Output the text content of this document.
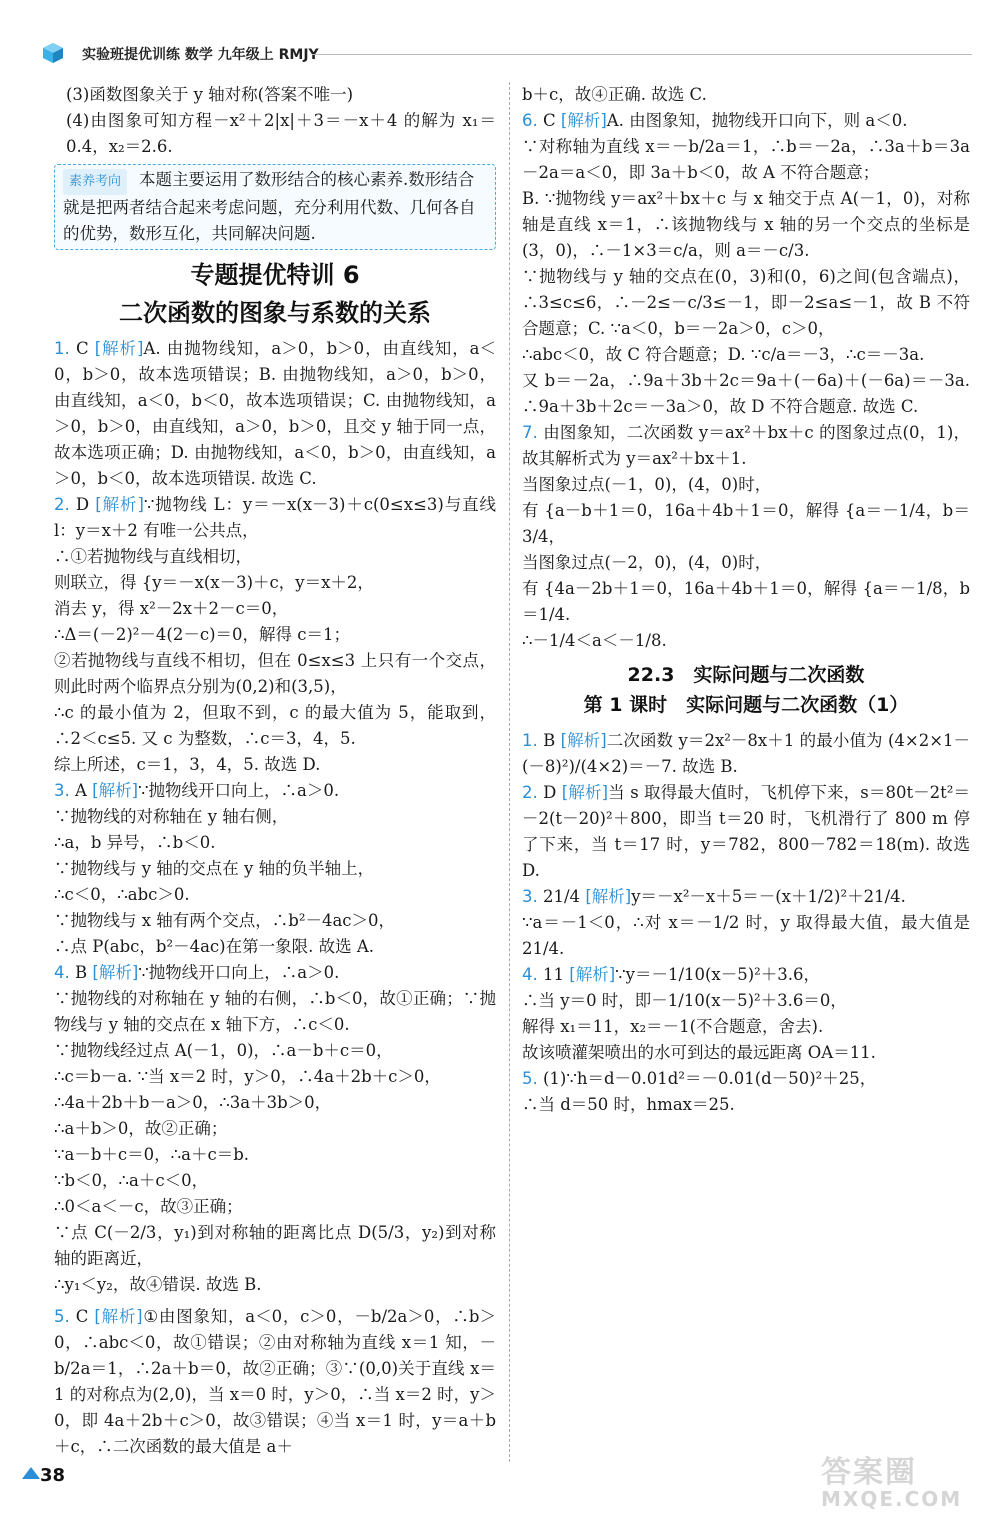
实验班提优训练 数学 九年级上 RMJY

(3)函数图象关于 y 轴对称(答案不唯一)

(4)由图象可知方程－x²＋2|x|＋3＝－x＋4 的解为 x₁＝0.4，x₂＝2.6.

素养考向 本题主要运用了数形结合的核心素养.数形结合就是把两者结合起来考虑问题，充分利用代数、几何各自的优势，数形互化，共同解决问题.
专题提优特训 6
二次函数的图象与系数的关系

1. C [ 解析 ] A. 由抛物线知，a＞0，b＞0，由直线知，a＜0，b＞0，故本选项错误；B. 由抛物线知，a＞0，b＞0，由直线知，a＜0，b＜0，故本选项错误；C. 由抛物线知，a＞0，b＞0，由直线知，a＞0，b＞0，且交 y 轴于同一点，故本选项正确；D. 由抛物线知，a＜0，b＞0，由直线知，a＞0，b＜0，故本选项错误. 故选 C.

2. D [ 解析 ] ∵抛物线 L：y＝－x(x－3)＋c(0≤x≤3)与直线 l：y＝x＋2 有唯一公共点，

∴①若抛物线与直线相切，

则联立，得 {y＝－x(x－3)＋c，y＝x＋2，

消去 y，得 x²－2x＋2－c＝0，

∴Δ＝(－2)²－4(2－c)＝0，解得 c＝1；

②若抛物线与直线不相切，但在 0≤x≤3 上只有一个交点，则此时两个临界点分别为(0,2)和(3,5)，

∴c 的最小值为 2，但取不到，c 的最大值为 5，能取到，∴2＜c≤5. 又 c 为整数，∴c＝3，4，5.

综上所述，c＝1，3，4，5. 故选 D.

3. A [ 解析 ] ∵抛物线开口向上，∴a＞0.

∵抛物线的对称轴在 y 轴右侧，

∴a，b 异号，∴b＜0.

∵抛物线与 y 轴的交点在 y 轴的负半轴上，

∴c＜0，∴abc＞0.

∵抛物线与 x 轴有两个交点，∴b²－4ac＞0，

∴点 P(abc，b²－4ac)在第一象限. 故选 A.

4. B [ 解析 ] ∵抛物线开口向上，∴a＞0.

∵抛物线的对称轴在 y 轴的右侧，∴b＜0，故①正确；∵抛物线与 y 轴的交点在 x 轴下方，∴c＜0.

∵抛物线经过点 A(－1，0)，∴a－b＋c＝0，

∴c＝b－a. ∵当 x＝2 时，y＞0，∴4a＋2b＋c＞0，

∴4a＋2b＋b－a＞0，∴3a＋3b＞0，

∴a＋b＞0，故②正确；

∵a－b＋c＝0，∴a＋c＝b.

∵b＜0，∴a＋c＜0，

∴0＜a＜－c，故③正确；

∵点 C(－2/3，y₁)到对称轴的距离比点 D(5/3，y₂)到对称轴的距离近，

∴y₁＜y₂，故④错误. 故选 B.

5. C [ 解析 ] ①由图象知，a＜0，c＞0，－b/2a＞0，∴b＞0，∴abc＜0，故①错误；②由对称轴为直线 x＝1 知，－b/2a＝1，∴2a＋b＝0，故②正确；③∵(0,0)关于直线 x＝1 的对称点为(2,0)，当 x＝0 时，y＞0，∴当 x＝2 时，y＞0，即 4a＋2b＋c＞0，故③错误；④当 x＝1 时，y＝a＋b＋c，∴二次函数的最大值是 a＋

b＋c，故④正确. 故选 C.

6. C [ 解析 ] A. 由图象知，抛物线开口向下，则 a＜0.

∵对称轴为直线 x＝－b/2a＝1，∴b＝－2a，∴3a＋b＝3a－2a＝a＜0，即 3a＋b＜0，故 A 不符合题意；

B. ∵抛物线 y＝ax²＋bx＋c 与 x 轴交于点 A(－1，0)，对称轴是直线 x＝1，∴该抛物线与 x 轴的另一个交点的坐标是(3，0)，∴－1×3＝c/a，则 a＝－c/3.

∵抛物线与 y 轴的交点在(0，3)和(0，6)之间(包含端点)，∴3≤c≤6，∴－2≤－c/3≤－1，即－2≤a≤－1，故 B 不符合题意；C. ∵a＜0，b＝－2a＞0，c＞0，

∴abc＜0，故 C 符合题意；D. ∵c/a＝－3，∴c＝－3a.

又 b＝－2a，∴9a＋3b＋2c＝9a＋(－6a)＋(－6a)＝－3a. ∴9a＋3b＋2c＝－3a＞0，故 D 不符合题意. 故选 C.

7. 由图象知，二次函数 y＝ax²＋bx＋c 的图象过点(0，1)，故其解析式为 y＝ax²＋bx＋1.

当图象过点(－1，0)，(4，0)时，

有 {a－b＋1＝0，16a＋4b＋1＝0，解得 {a＝－1/4，b＝3/4，

当图象过点(－2，0)，(4，0)时，

有 {4a－2b＋1＝0，16a＋4b＋1＝0，解得 {a＝－1/8，b＝1/4.

∴－1/4＜a＜－1/8.

22.3　实际问题与二次函数
第 1 课时　实际问题与二次函数（1）

1. B [ 解析 ] 二次函数 y＝2x²－8x＋1 的最小值为 (4×2×1－(－8)²)/(4×2)＝－7. 故选 B.

2. D [ 解析 ] 当 s 取得最大值时，飞机停下来，s＝80t－2t²＝－2(t－20)²＋800，即当 t＝20 时，飞机滑行了 800 m 停了下来，当 t＝17 时，y＝782，800－782＝18(m). 故选 D.

3. 21/4 [ 解析 ] y＝－x²－x＋5＝－(x＋1/2)²＋21/4.

∵a＝－1＜0，∴对 x＝－1/2 时，y 取得最大值，最大值是 21/4.

4. 11 [ 解析 ] ∵y＝－1/10(x－5)²＋3.6，

∴当 y＝0 时，即－1/10(x－5)²＋3.6＝0，

解得 x₁＝11，x₂＝－1(不合题意，舍去).

故该喷灌架喷出的水可到达的最远距离 OA＝11.

5. (1)∵h＝d－0.01d²＝－0.01(d－50)²＋25，

∴当 d＝50 时，hmax＝25.

38	答案圈
MXQE.COM
